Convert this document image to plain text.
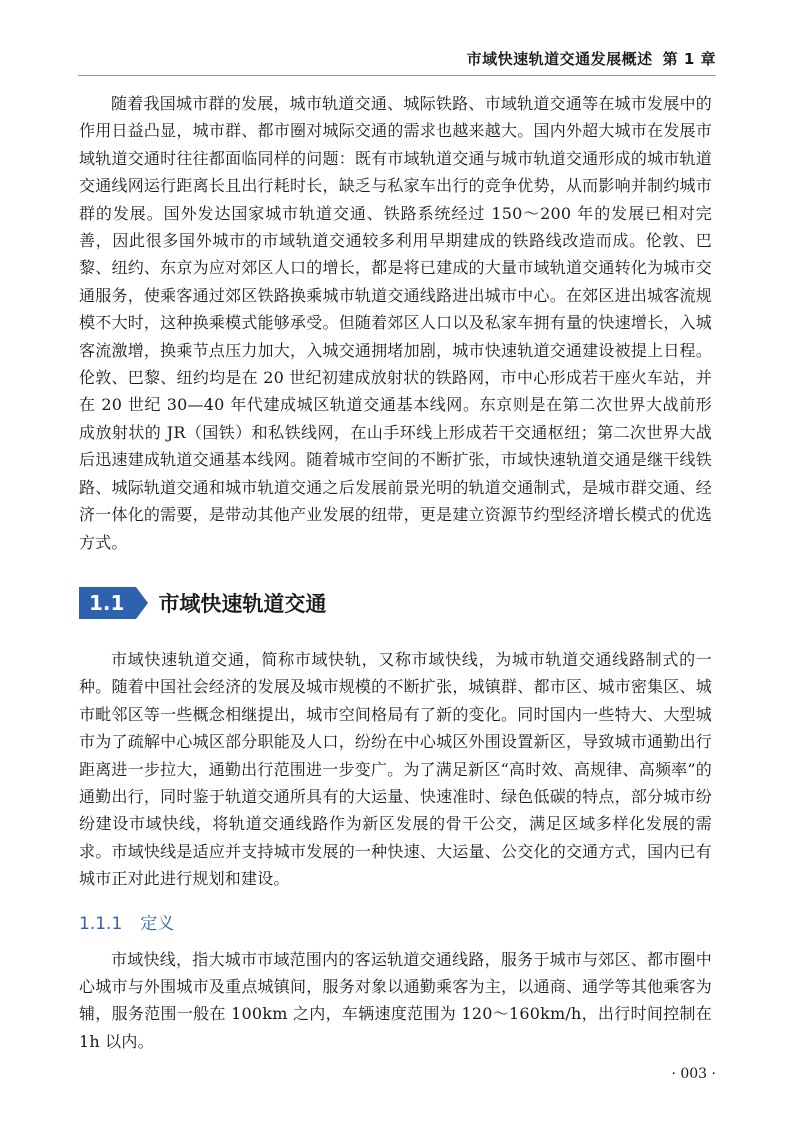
市域快速轨道交通发展概述 第 1 章

随着我国城市群的发展，城市轨道交通、城际铁路、市域轨道交通等在城市发展中的作用日益凸显，城市群、都市圈对城际交通的需求也越来越大。国内外超大城市在发展市域轨道交通时往往都面临同样的问题：既有市域轨道交通与城市轨道交通形成的城市轨道交通线网运行距离长且出行耗时长，缺乏与私家车出行的竞争优势，从而影响并制约城市群的发展。国外发达国家城市轨道交通、铁路系统经过 150～200 年的发展已相对完善，因此很多国外城市的市域轨道交通较多利用早期建成的铁路线改造而成。伦敦、巴黎、纽约、东京为应对郊区人口的增长，都是将已建成的大量市域轨道交通转化为城市交通服务，使乘客通过郊区铁路换乘城市轨道交通线路进出城市中心。在郊区进出城客流规模不大时，这种换乘模式能够承受。但随着郊区人口以及私家车拥有量的快速增长，入城客流激增，换乘节点压力加大，入城交通拥堵加剧，城市快速轨道交通建设被提上日程。伦敦、巴黎、纽约均是在 20 世纪初建成放射状的铁路网，市中心形成若干座火车站，并在 20 世纪 30—40 年代建成城区轨道交通基本线网。东京则是在第二次世界大战前形成放射状的 JR（国铁）和私铁线网，在山手环线上形成若干交通枢纽；第二次世界大战后迅速建成轨道交通基本线网。随着城市空间的不断扩张，市域快速轨道交通是继干线铁路、城际轨道交通和城市轨道交通之后发展前景光明的轨道交通制式，是城市群交通、经济一体化的需要，是带动其他产业发展的纽带，更是建立资源节约型经济增长模式的优选方式。

1.1	市域快速轨道交通

市域快速轨道交通，简称市域快轨，又称市域快线，为城市轨道交通线路制式的一种。随着中国社会经济的发展及城市规模的不断扩张，城镇群、都市区、城市密集区、城市毗邻区等一些概念相继提出，城市空间格局有了新的变化。同时国内一些特大、大型城市为了疏解中心城区部分职能及人口，纷纷在中心城区外围设置新区，导致城市通勤出行距离进一步拉大，通勤出行范围进一步变广。为了满足新区“高时效、高规律、高频率”的通勤出行，同时鉴于轨道交通所具有的大运量、快速准时、绿色低碳的特点，部分城市纷纷建设市域快线，将轨道交通线路作为新区发展的骨干公交，满足区域多样化发展的需求。市域快线是适应并支持城市发展的一种快速、大运量、公交化的交通方式，国内已有城市正对此进行规划和建设。

1.1.1 定义

市域快线，指大城市市域范围内的客运轨道交通线路，服务于城市与郊区、都市圈中心城市与外围城市及重点城镇间，服务对象以通勤乘客为主，以通商、通学等其他乘客为辅，服务范围一般在 100km 之内，车辆速度范围为 120～160km/h，出行时间控制在 1h 以内。

· 003 ·
